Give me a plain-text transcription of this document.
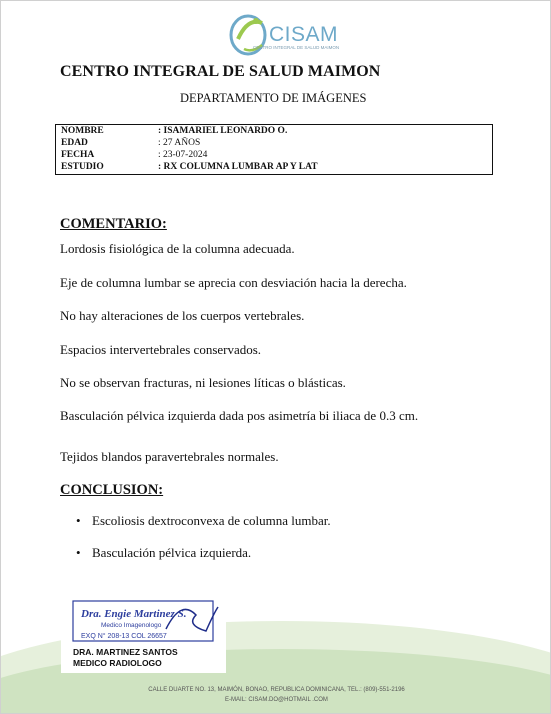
CISAM
CENTRO INTEGRAL DE SALUD MAIMON
CENTRO INTEGRAL DE SALUD MAIMON
DEPARTAMENTO DE IMÁGENES
NOMBRE	: ISAMARIEL LEONARDO O.
EDAD	: 27 AÑOS
FECHA	: 23-07-2024
ESTUDIO	: RX COLUMNA LUMBAR AP Y LAT
COMENTARIO:
Lordosis fisiológica de la columna adecuada.
Eje de columna lumbar se aprecia con desviación hacia la derecha.
No hay alteraciones de los cuerpos vertebrales.
Espacios intervertebrales conservados.
No se observan fracturas, ni lesiones líticas o blásticas.
Basculación pélvica izquierda dada pos asimetría bi iliaca de 0.3 cm.
Tejidos blandos paravertebrales normales.
CONCLUSION:
• Escoliosis dextroconvexa de columna lumbar.
• Basculación pélvica izquierda.
Dra. Engie Martinez S.
Medico Imagenologo
EXQ N° 208-13 COL 26657
DRA. MARTINEZ SANTOS
MEDICO RADIOLOGO
CALLE DUARTE NO. 13, MAIMÓN, BONAO, REPUBLICA DOMINICANA, TEL.: (809)-551-2196
E-MAIL: CISAM.DO@HOTMAIL .COM
